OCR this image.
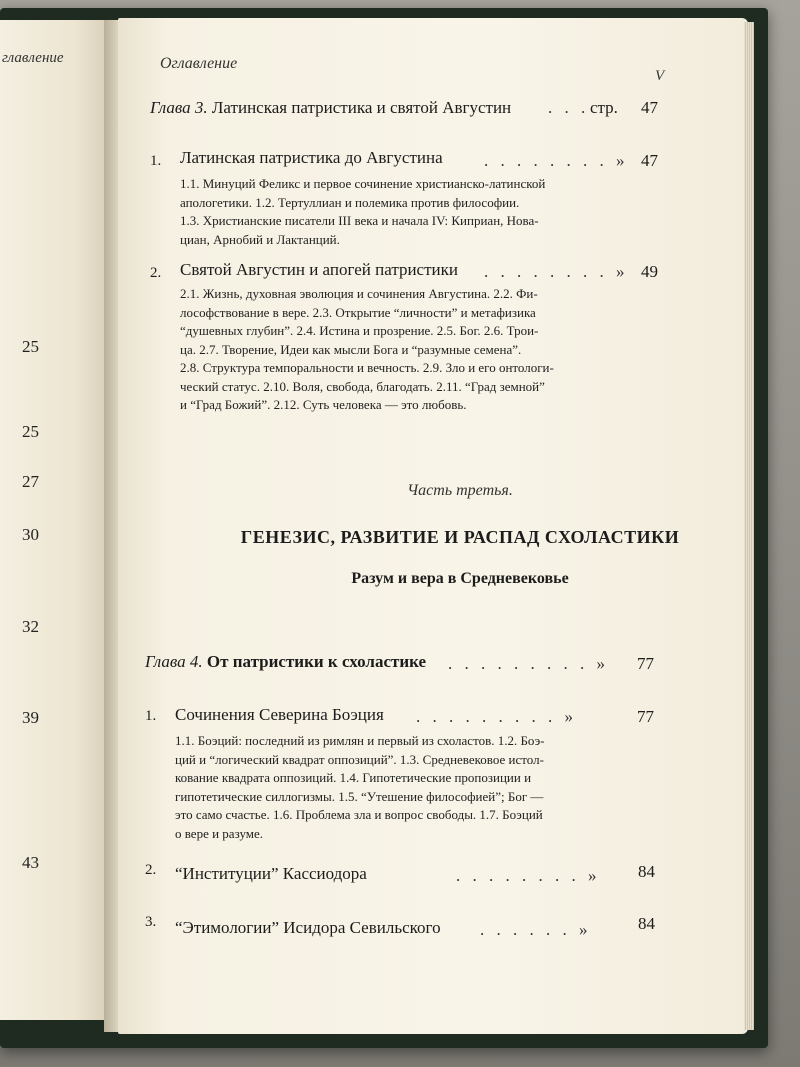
главление
25
25
27
30
32
39
43
Оглавление
V
Глава 3. Латинская патристика и святой Августин . . . стр. 47
1. Латинская патристика до Августина . . . . . . . . » 47
1.1. Минуций Феликс и первое сочинение христианско-латинской
апологетики. 1.2. Тертуллиан и полемика против философии.
1.3. Христианские писатели III века и начала IV: Киприан, Нова-
циан, Арнобий и Лактанций.
2. Святой Августин и апогей патристики . . . . . . . . » 49
2.1. Жизнь, духовная эволюция и сочинения Августина. 2.2. Фи-
лософствование в вере. 2.3. Открытие “личности” и метафизика
“душевных глубин”. 2.4. Истина и прозрение. 2.5. Бог. 2.6. Трои-
ца. 2.7. Творение, Идеи как мысли Бога и “разумные семена”.
2.8. Структура темпоральности и вечность. 2.9. Зло и его онтологи-
ческий статус. 2.10. Воля, свобода, благодать. 2.11. “Град земной”
и “Град Божий”. 2.12. Суть человека — это любовь.
Часть третья.
ГЕНЕЗИС, РАЗВИТИЕ И РАСПАД СХОЛАСТИКИ
Разум и вера в Средневековье
Глава 4. От патристики к схоластике . . . . . . . . . » 77
1. Сочинения Северина Боэция . . . . . . . . . »	77
1.1. Боэций: последний из римлян и первый из схоластов. 1.2. Боэ-
ций и “логический квадрат оппозиций”. 1.3. Средневековое истол-
кование квадрата оппозиций. 1.4. Гипотетические пропозиции и
гипотетические силлогизмы. 1.5. “Утешение философией”; Бог —
это само счастье. 1.6. Проблема зла и вопрос свободы. 1.7. Боэций
о вере и разуме.
2. “Институции” Кассиодора	. . . . . . . . » 84
3. “Этимологии” Исидора Севильского . . . . . . »	84
